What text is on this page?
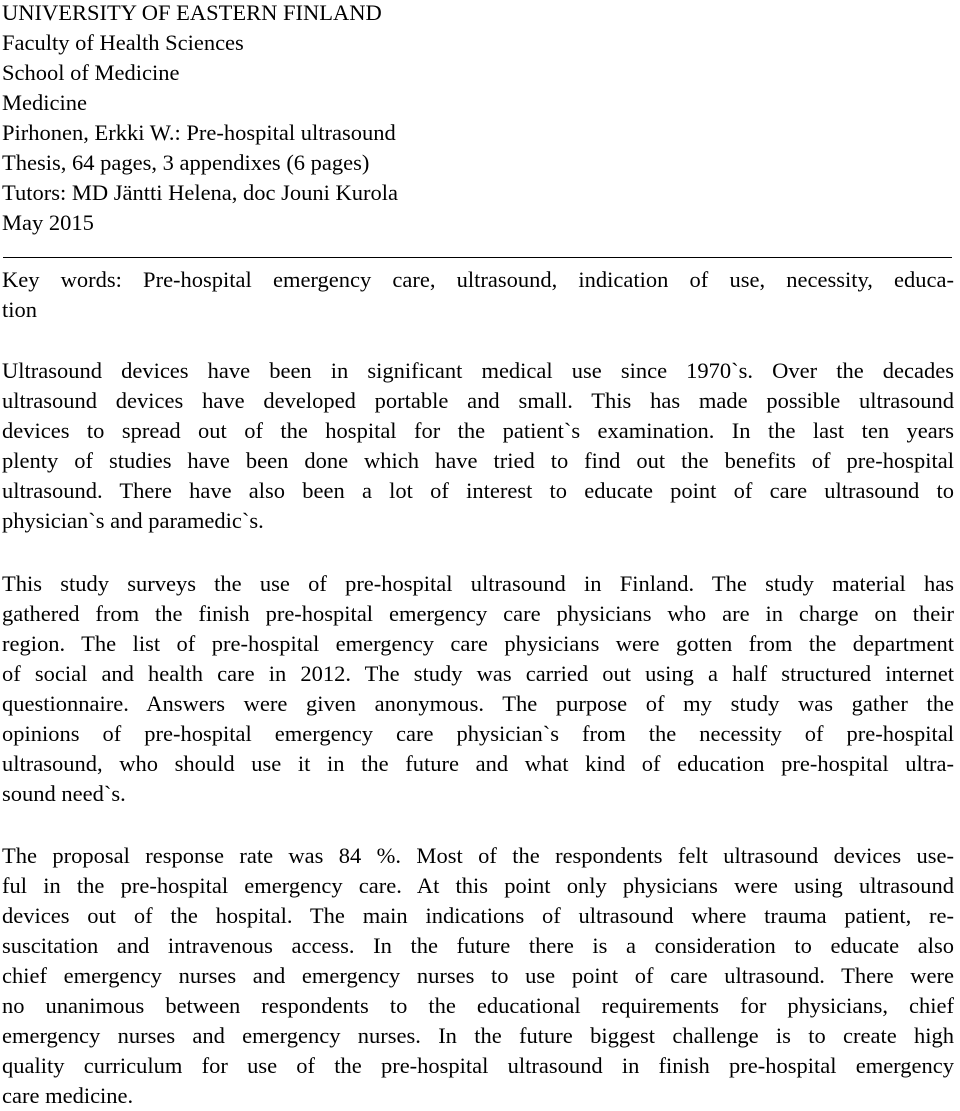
UNIVERSITY OF EASTERN FINLAND
Faculty of Health Sciences
School of Medicine
Medicine
Pirhonen, Erkki W.: Pre-hospital ultrasound
Thesis, 64 pages, 3 appendixes (6 pages)
Tutors: MD Jäntti Helena, doc Jouni Kurola
May 2015
Key words: Pre-hospital emergency care, ultrasound, indication of use, necessity, educa-
tion
Ultrasound devices have been in significant medical use since 1970`s. Over the decades
ultrasound devices have developed portable and small. This has made possible ultrasound
devices to spread out of the hospital for the patient`s examination. In the last ten years
plenty of studies have been done which have tried to find out the benefits of pre-hospital
ultrasound. There have also been a lot of interest to educate point of care ultrasound to
physician`s and paramedic`s.
This study surveys the use of pre-hospital ultrasound in Finland. The study material has
gathered from the finish pre-hospital emergency care physicians who are in charge on their
region. The list of pre-hospital emergency care physicians were gotten from the department
of social and health care in 2012. The study was carried out using a half structured internet
questionnaire. Answers were given anonymous. The purpose of my study was gather the
opinions of pre-hospital emergency care physician`s from the necessity of pre-hospital
ultrasound, who should use it in the future and what kind of education pre-hospital ultra-
sound need`s.
The proposal response rate was 84 %. Most of the respondents felt ultrasound devices use-
ful in the pre-hospital emergency care. At this point only physicians were using ultrasound
devices out of the hospital. The main indications of ultrasound where trauma patient, re-
suscitation and intravenous access. In the future there is a consideration to educate also
chief emergency nurses and emergency nurses to use point of care ultrasound. There were
no unanimous between respondents to the educational requirements for physicians, chief
emergency nurses and emergency nurses. In the future biggest challenge is to create high
quality curriculum for use of the pre-hospital ultrasound in finish pre-hospital emergency
care medicine.
